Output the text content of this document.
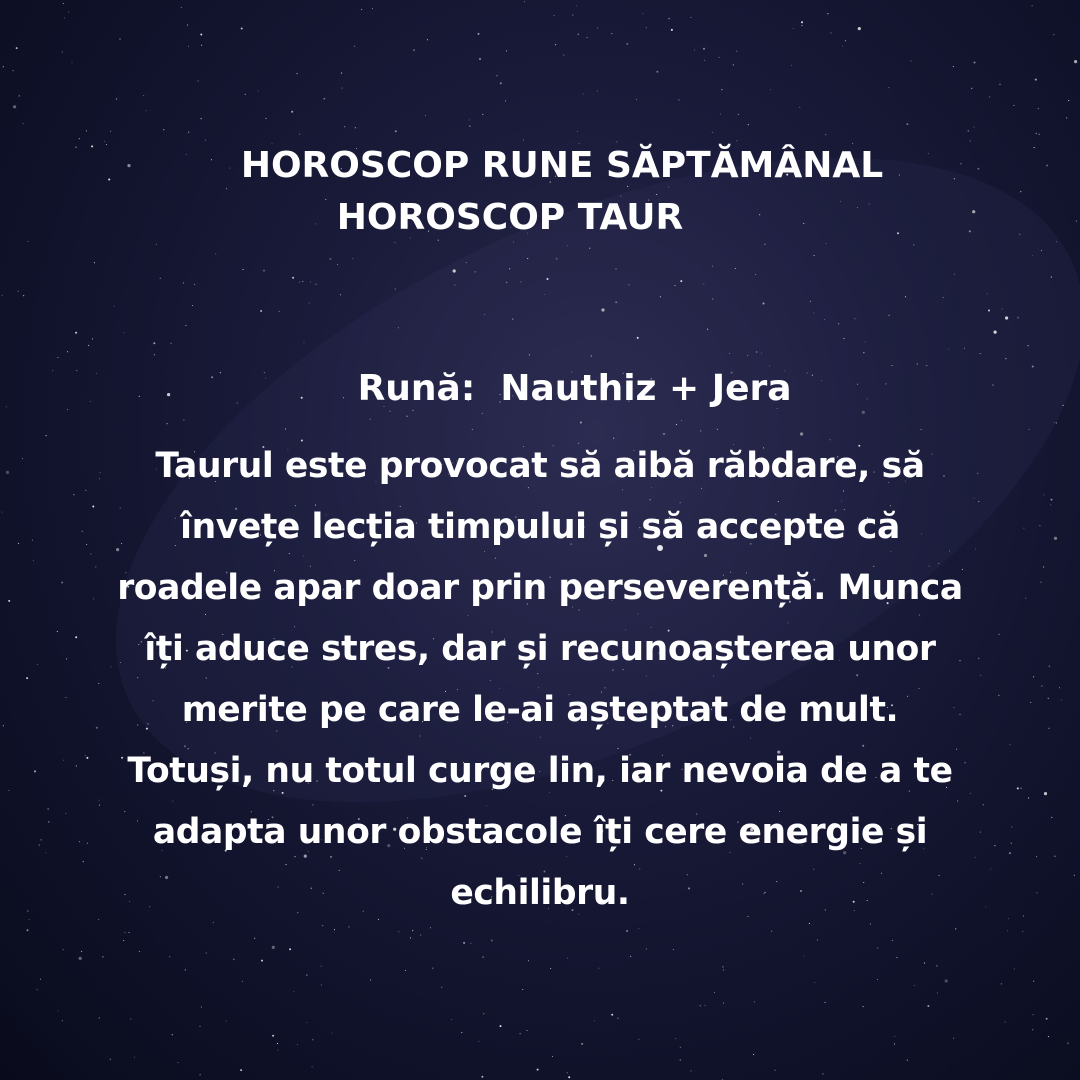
HOROSCOP RUNE SĂPTĂMÂNAL
HOROSCOP TAUR

Rună: Nauthiz + Jera

Taurul este provocat să aibă răbdare, să
învețe lecția timpului și să accepte că
roadele apar doar prin perseverență. Munca
îți aduce stres, dar și recunoașterea unor
merite pe care le-ai așteptat de mult.
Totuși, nu totul curge lin, iar nevoia de a te
adapta unor obstacole îți cere energie și
echilibru.
